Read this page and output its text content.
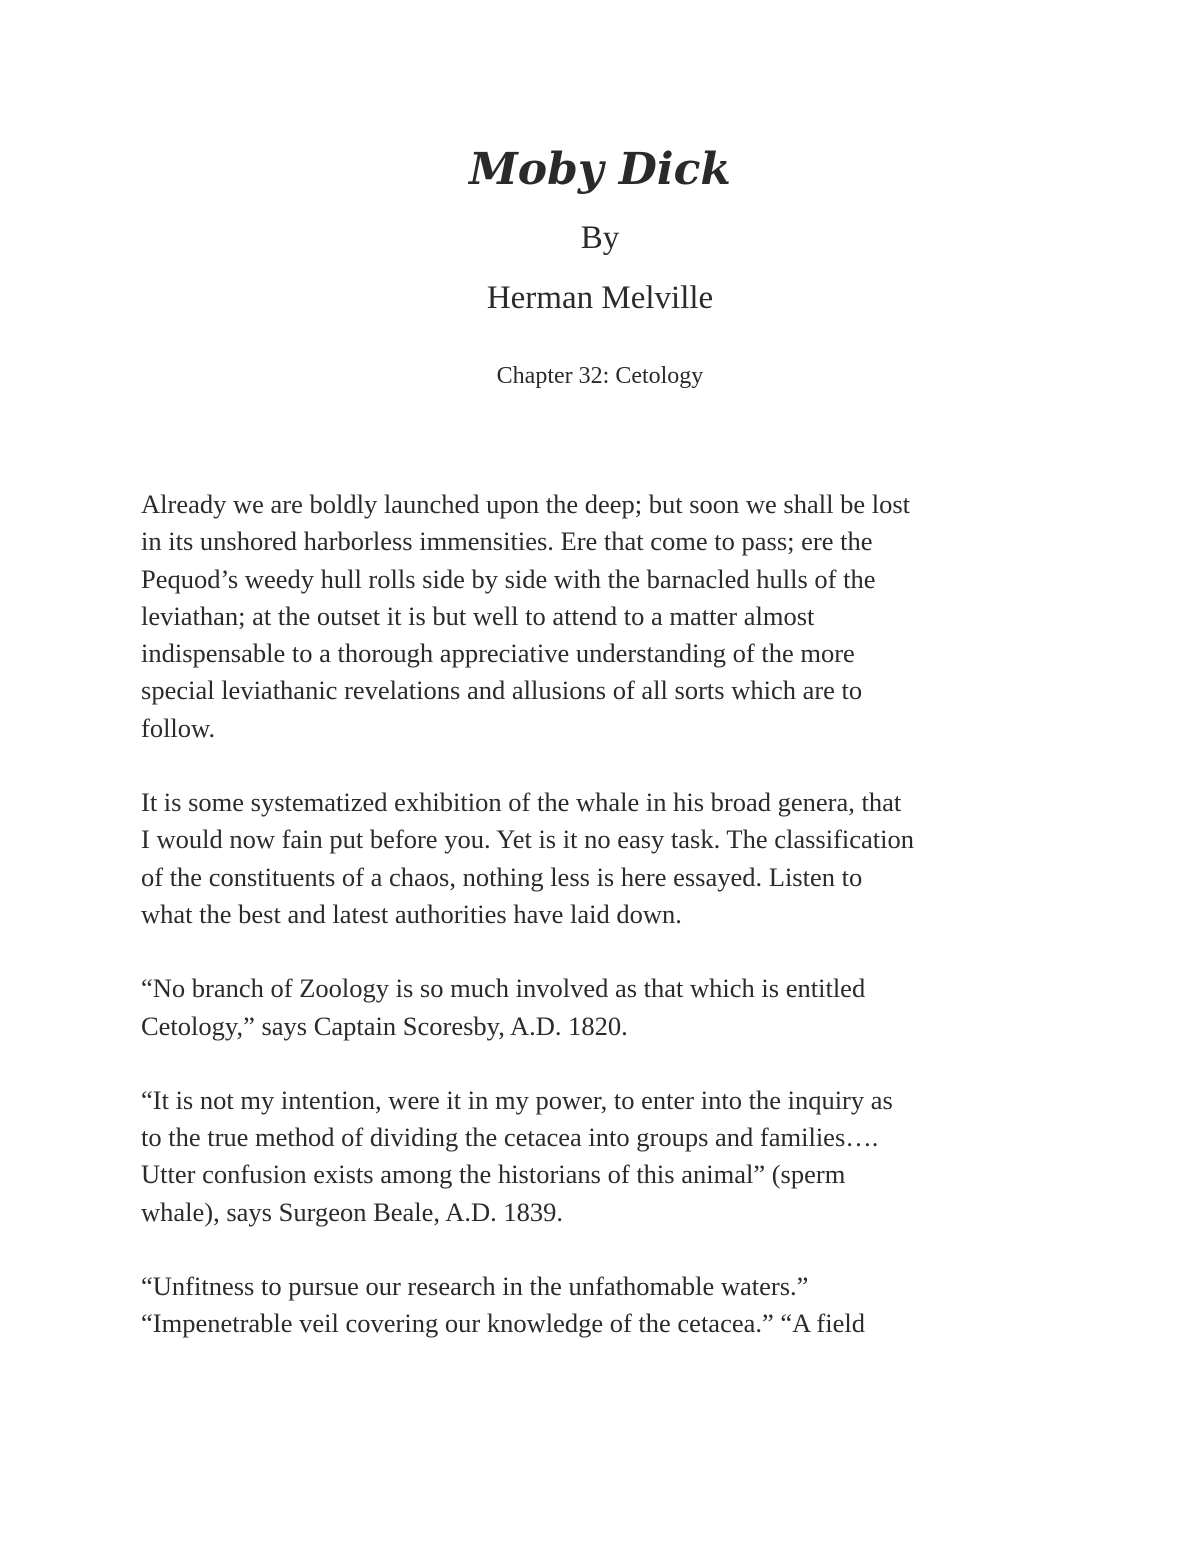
Moby Dick

By

Herman Melville

Chapter 32: Cetology

Already we are boldly launched upon the deep; but soon we shall be lost
in its unshored harborless immensities. Ere that come to pass; ere the
Pequod’s weedy hull rolls side by side with the barnacled hulls of the
leviathan; at the outset it is but well to attend to a matter almost
indispensable to a thorough appreciative understanding of the more
special leviathanic revelations and allusions of all sorts which are to
follow.

It is some systematized exhibition of the whale in his broad genera, that
I would now fain put before you. Yet is it no easy task. The classification
of the constituents of a chaos, nothing less is here essayed. Listen to
what the best and latest authorities have laid down.

“No branch of Zoology is so much involved as that which is entitled
Cetology,” says Captain Scoresby, A.D. 1820.

“It is not my intention, were it in my power, to enter into the inquiry as
to the true method of dividing the cetacea into groups and families….
Utter confusion exists among the historians of this animal” (sperm
whale), says Surgeon Beale, A.D. 1839.

“Unfitness to pursue our research in the unfathomable waters.”
“Impenetrable veil covering our knowledge of the cetacea.” “A field
